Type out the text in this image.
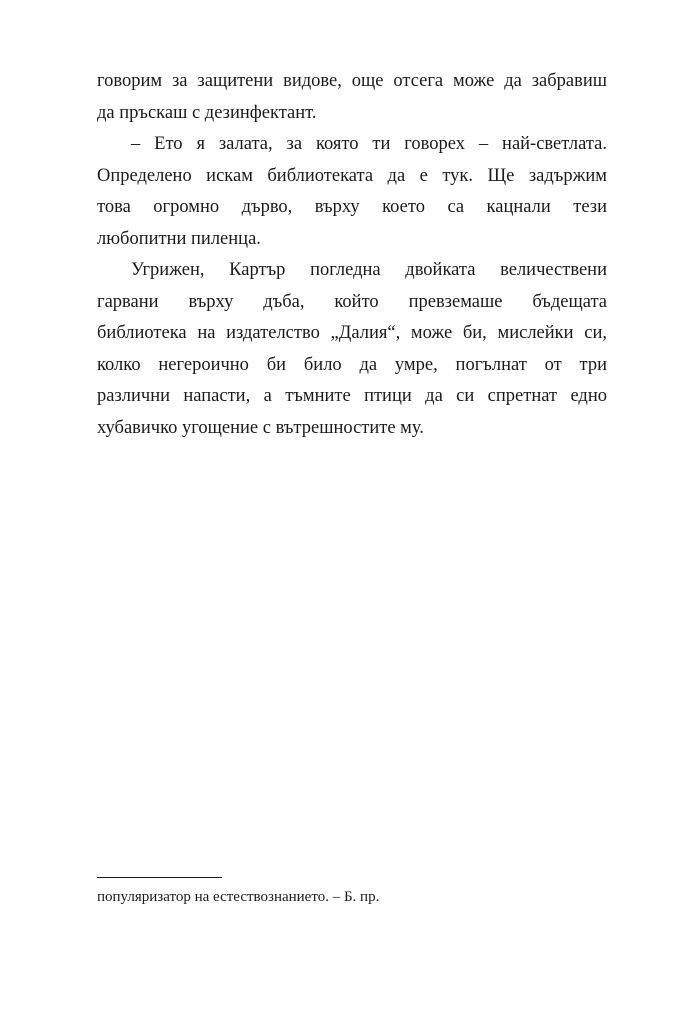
говорим за защитени видове, още отсега може да забравиш
да пръскаш с дезинфектант.
– Ето я залата, за която ти говорех – най-светлата.
Определено искам библиотеката да е тук. Ще задържим
това огромно дърво, върху което са кацнали тези
любопитни пиленца.
Угрижен, Картър погледна двойката величествени
гарвани върху дъба, който превземаше бъдещата
библиотека на издателство „Далия“, може би, мислейки си,
колко негероично би било да умре, погълнат от три
различни напасти, а тъмните птици да си спретнат едно
хубавичко угощение с вътрешностите му.
популяризатор на естествознанието. – Б. пр.
